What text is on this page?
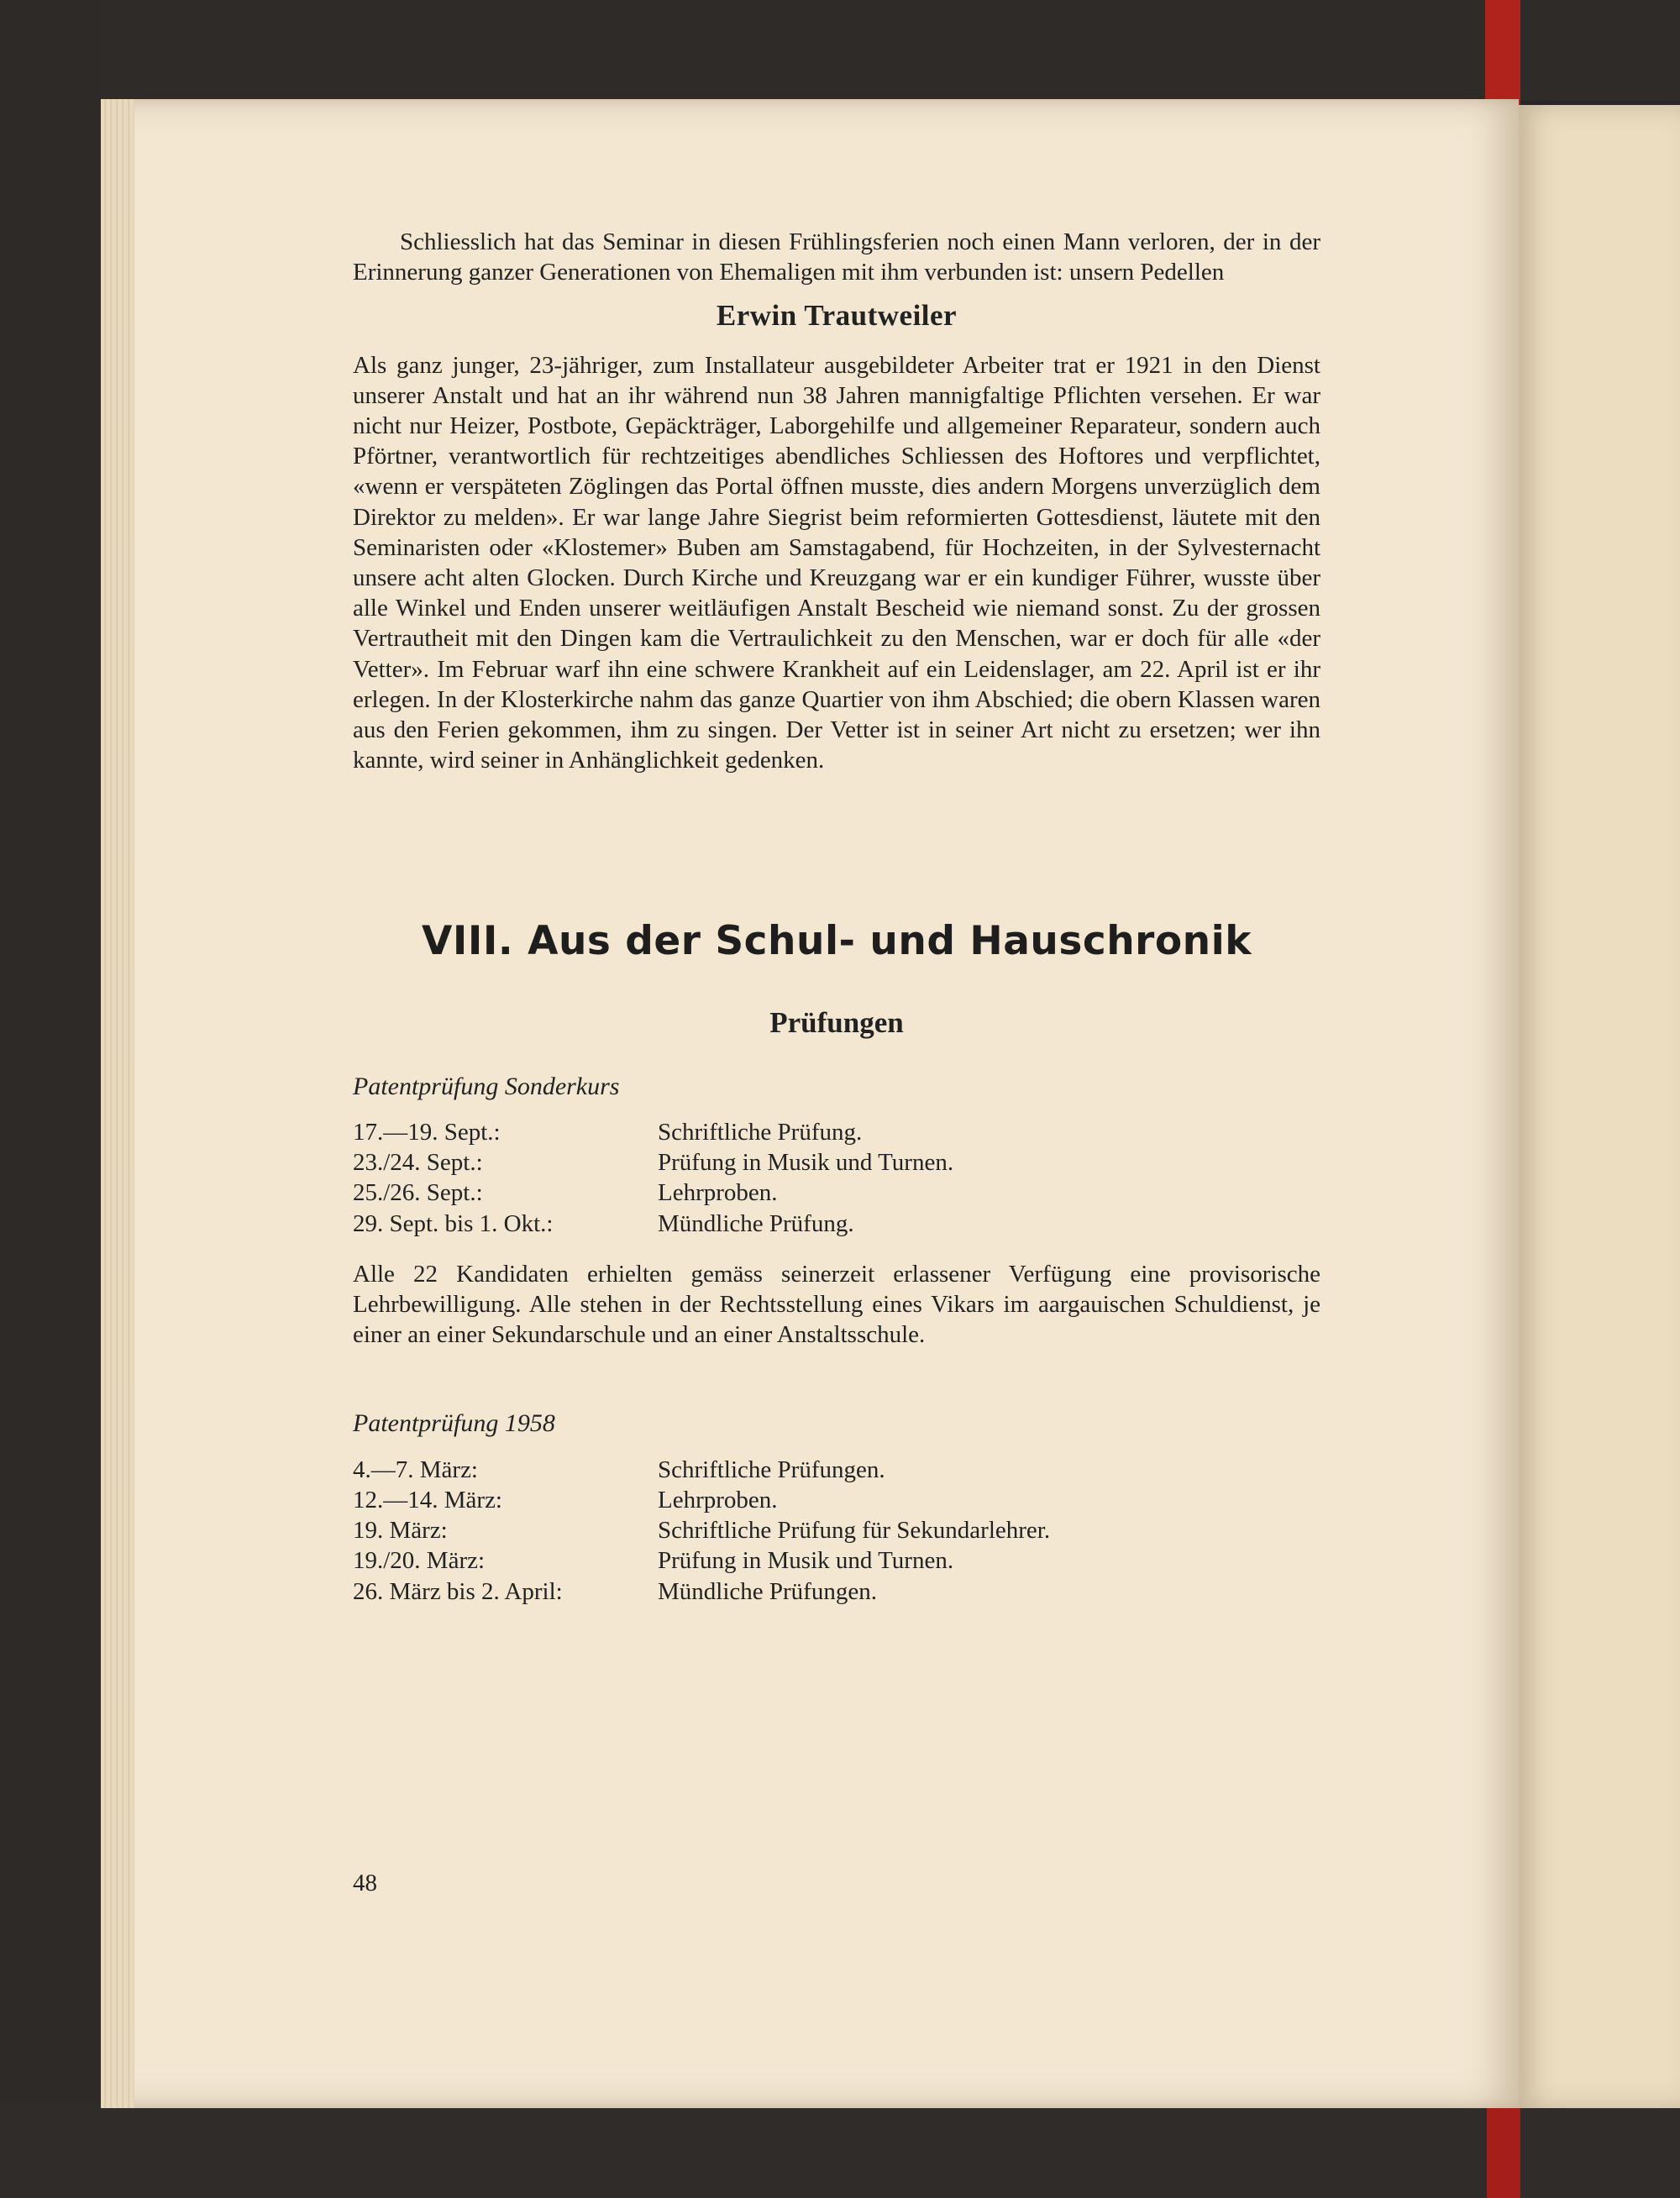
Schliesslich hat das Seminar in diesen Frühlingsferien noch einen Mann verloren, der in der Erinnerung ganzer Generationen von Ehemaligen mit ihm verbunden ist: unsern Pedellen

Erwin Trautweiler

Als ganz junger, 23-jähriger, zum Installateur ausgebildeter Arbeiter trat er 1921 in den Dienst unserer Anstalt und hat an ihr während nun 38 Jahren mannigfaltige Pflichten versehen. Er war nicht nur Heizer, Postbote, Gepäckträger, Laborgehilfe und allgemeiner Reparateur, sondern auch Pförtner, verantwortlich für rechtzeitiges abendliches Schliessen des Hoftores und verpflichtet, «wenn er verspäteten Zöglingen das Portal öffnen musste, dies andern Morgens unverzüglich dem Direktor zu melden». Er war lange Jahre Siegrist beim reformierten Gottesdienst, läutete mit den Seminaristen oder «Klostemer» Buben am Samstagabend, für Hochzeiten, in der Sylvesternacht unsere acht alten Glocken. Durch Kirche und Kreuzgang war er ein kundiger Führer, wusste über alle Winkel und Enden unserer weitläufigen Anstalt Bescheid wie niemand sonst. Zu der grossen Vertrautheit mit den Dingen kam die Vertraulichkeit zu den Menschen, war er doch für alle «der Vetter». Im Februar warf ihn eine schwere Krankheit auf ein Leidenslager, am 22. April ist er ihr erlegen. In der Klosterkirche nahm das ganze Quartier von ihm Abschied; die obern Klassen waren aus den Ferien gekommen, ihm zu singen. Der Vetter ist in seiner Art nicht zu ersetzen; wer ihn kannte, wird seiner in Anhänglichkeit gedenken.

VIII. Aus der Schul- und Hauschronik
Prüfungen
Patentprüfung Sonderkurs
17.—19. Sept.:	Schriftliche Prüfung.
23./24. Sept.:	Prüfung in Musik und Turnen.
25./26. Sept.:	Lehrproben.
29. Sept. bis 1. Okt.:	Mündliche Prüfung.

Alle 22 Kandidaten erhielten gemäss seinerzeit erlassener Verfügung eine provisorische Lehrbewilligung. Alle stehen in der Rechtsstellung eines Vikars im aargauischen Schuldienst, je einer an einer Sekundarschule und an einer Anstaltsschule.

Patentprüfung 1958
4.—7. März:	Schriftliche Prüfungen.
12.—14. März:	Lehrproben.
19. März:	Schriftliche Prüfung für Sekundarlehrer.
19./20. März:	Prüfung in Musik und Turnen.
26. März bis 2. April:	Mündliche Prüfungen.
48
